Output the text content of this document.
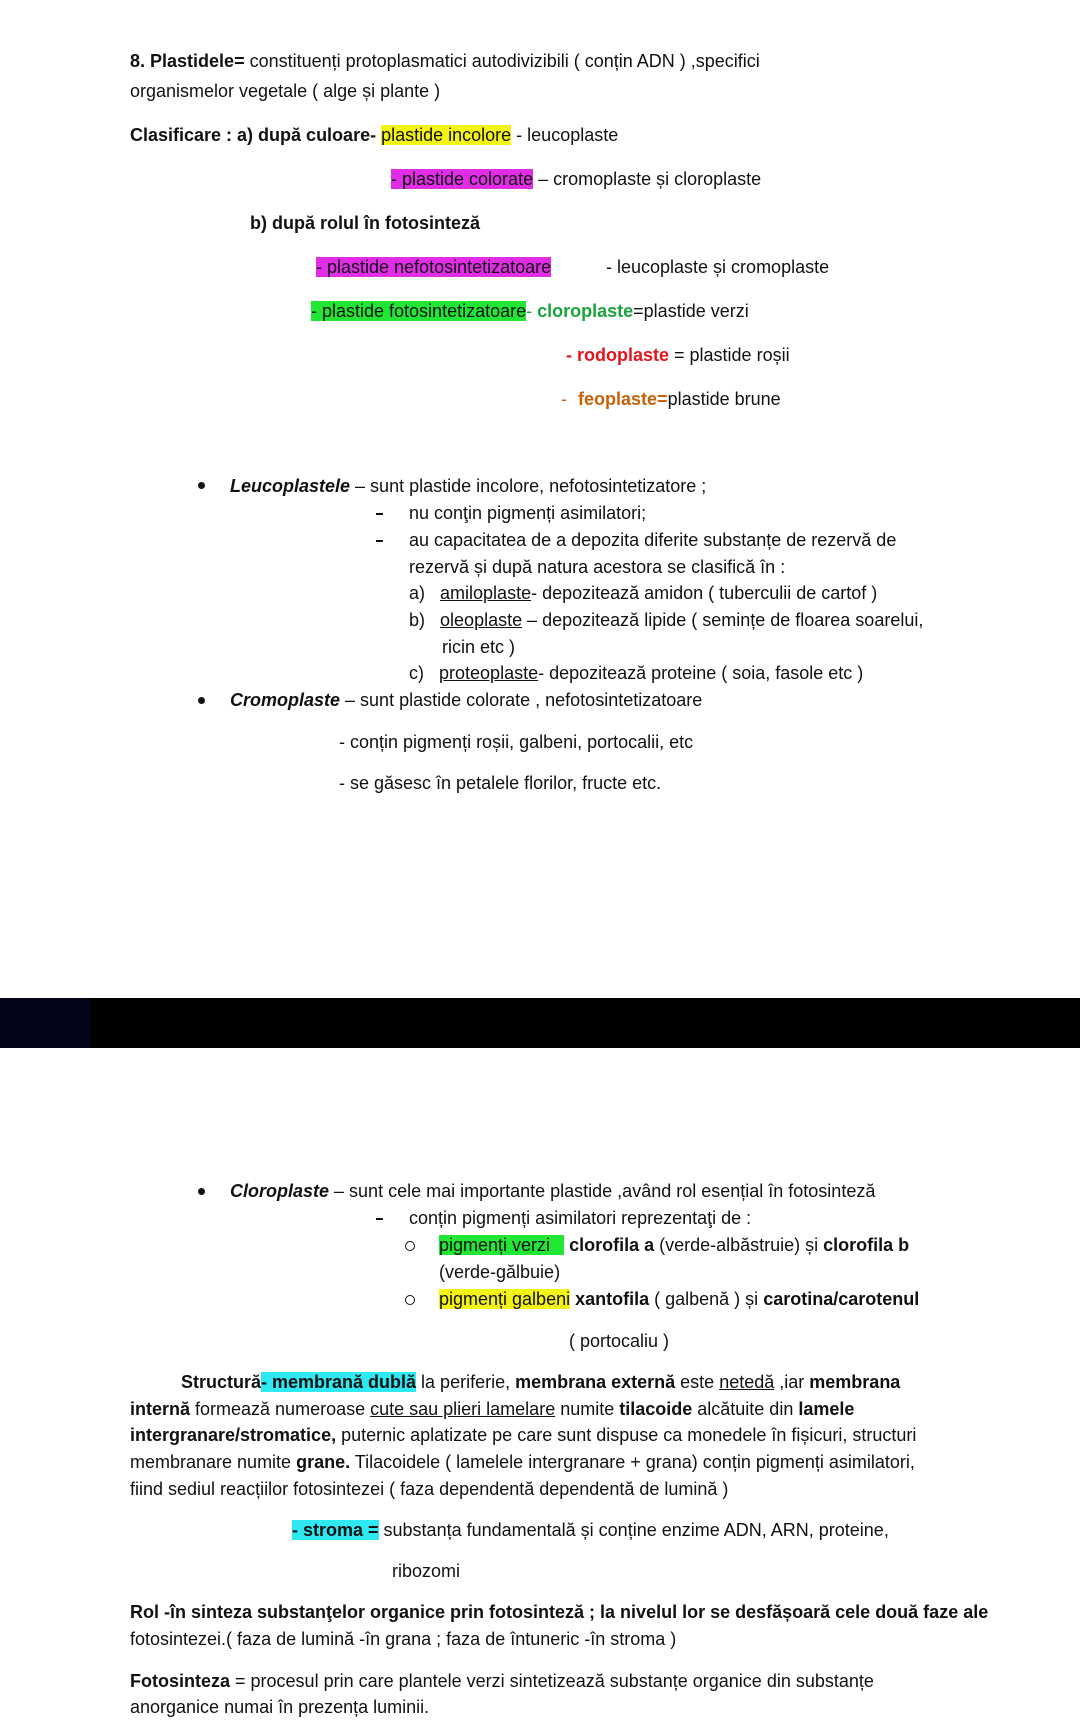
8. Plastidele= constituenți protoplasmatici autodivizibili ( conțin ADN ) ,specifici
organismelor vegetale ( alge și plante )
Clasificare : a) după culoare- plastide incolore - leucoplaste
- plastide colorate – cromoplaste și cloroplaste
b) după rolul în fotosinteză
- plastide nefotosintetizatoare	- leucoplaste și cromoplaste
- plastide fotosintetizatoare- cloroplaste=plastide verzi
- rodoplaste = plastide roșii
- feoplaste=plastide brune
Leucoplastele – sunt plastide incolore, nefotosintetizatore ;
nu conţin pigmenți asimilatori;
au capacitatea de a depozita diferite substanțe de rezervă de
rezervă și după natura acestora se clasifică în :
a) amiloplaste- depozitează amidon ( tuberculii de cartof )
b) oleoplaste – depozitează lipide ( semințe de floarea soarelui,
ricin etc )
c) proteoplaste- depozitează proteine ( soia, fasole etc )
Cromoplaste – sunt plastide colorate , nefotosintetizatoare
- conțin pigmenți roșii, galbeni, portocalii, etc
- se găsesc în petalele florilor, fructe etc.
Cloroplaste – sunt cele mai importante plastide ,având rol esențial în fotosinteză
conțin pigmenți asimilatori reprezentaţi de :
pigmenți verzi clorofila a (verde-albăstruie) și clorofila b
(verde-gălbuie)
pigmenți galbeni xantofila ( galbenă ) și carotina/carotenul
( portocaliu )
Structură- membrană dublă la periferie, membrana externă este netedă ,iar membrana
internă formează numeroase cute sau plieri lamelare numite tilacoide alcătuite din lamele
intergranare/stromatice, puternic aplatizate pe care sunt dispuse ca monedele în fișicuri, structuri
membranare numite grane. Tilacoidele ( lamelele intergranare + grana) conțin pigmenți asimilatori,
fiind sediul reacțiilor fotosintezei ( faza dependentă dependentă de lumină )
- stroma = substanța fundamentală și conține enzime ADN, ARN, proteine,
ribozomi
Rol -în sinteza substanţelor organice prin fotosinteză ; la nivelul lor se desfășoară cele două faze ale
fotosintezei.( faza de lumină -în grana ; faza de întuneric -în stroma )
Fotosinteza = procesul prin care plantele verzi sintetizează substanțe organice din substanțe
anorganice numai în prezența luminii.
